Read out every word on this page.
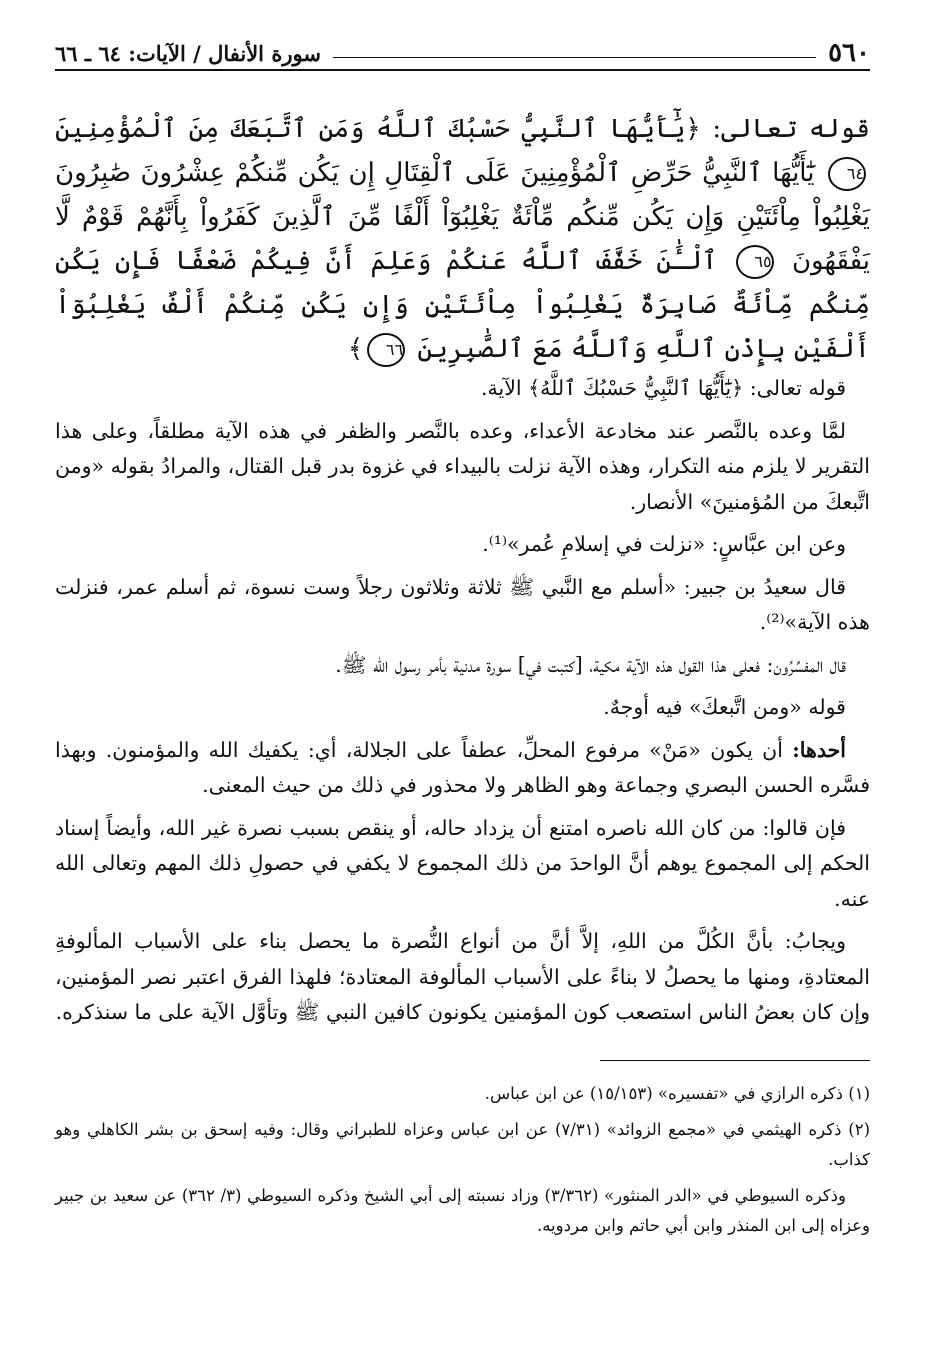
٥٦٠
سورة الأنفال / الآيات: ٦٤ ـ ٦٦
قوله تعالى: ﴿يَٰٓأَيُّهَا ٱلنَّبِيُّ حَسْبُكَ ٱللَّهُ وَمَنِ ٱتَّبَعَكَ مِنَ ٱلْمُؤْمِنِينَ ٦٤ يَٰٓأَيُّهَا ٱلنَّبِيُّ حَرِّضِ ٱلْمُؤْمِنِينَ عَلَى ٱلْقِتَالِ إِن يَكُن مِّنكُمْ عِشْرُونَ صَٰبِرُونَ يَغْلِبُواْ مِاْئَتَيْنِ وَإِن يَكُن مِّنكُم مِّاْئَةٌ يَغْلِبُوٓاْ أَلْفًا مِّنَ ٱلَّذِينَ كَفَرُواْ بِأَنَّهُمْ قَوْمٌ لَّا يَفْقَهُونَ ٦٥ ٱلْـَٰٔنَ خَفَّفَ ٱللَّهُ عَنكُمْ وَعَلِمَ أَنَّ فِيكُمْ ضَعْفًا فَإِن يَكُن مِّنكُم مِّاْئَةٌ صَابِرَةٌ يَغْلِبُواْ مِاْئَتَيْنِ وَإِن يَكُن مِّنكُمْ أَلْفٌ يَغْلِبُوٓاْ أَلْفَيْنِ بِإِذْنِ ٱللَّهِ وَٱللَّهُ مَعَ ٱلصَّٰبِرِينَ ٦٦﴾

قوله تعالى: ﴿يَٰٓأَيُّهَا ٱلنَّبِيُّ حَسْبُكَ ٱللَّهُ﴾ الآية.

لمَّا وعده بالنَّصر عند مخادعة الأعداء، وعده بالنَّصر والظفر في هذه الآية مطلقاً، وعلى هذا التقرير لا يلزم منه التكرار، وهذه الآية نزلت بالبيداء في غزوة بدر قبل القتال، والمرادُ بقوله «ومن اتَّبعكَ من المُؤمنينَ» الأنصار.

وعن ابن عبَّاسٍ: «نزلت في إسلامِ عُمر»⁽¹⁾.

قال سعيدُ بن جبير: «أسلم مع النَّبي ﷺ ثلاثة وثلاثون رجلاً وست نسوة، ثم أسلم عمر، فنزلت هذه الآية»⁽²⁾.

قال المفسِّرُون: فعلى هذا القول هذه الآية مكية، [كتبت في] سورة مدنية بأمر رسول الله ﷺ.

قوله «ومن اتَّبعكَ» فيه أوجهٌ.

أحدها: أن يكون «مَنْ» مرفوع المحلِّ، عطفاً على الجلالة، أي: يكفيك الله والمؤمنون. وبهذا فسَّره الحسن البصري وجماعة وهو الظاهر ولا محذور في ذلك من حيث المعنى.

فإن قالوا: من كان الله ناصره امتنع أن يزداد حاله، أو ينقص بسبب نصرة غير الله، وأيضاً إسناد الحكم إلى المجموع يوهم أنَّ الواحدَ من ذلك المجموع لا يكفي في حصولِ ذلك المهم وتعالى الله عنه.

ويجابُ: بأنَّ الكُلَّ من اللهِ، إلاَّ أنَّ من أنواع النُّصرة ما يحصل بناء على الأسباب المألوفةِ المعتادةِ، ومنها ما يحصلُ لا بناءً على الأسباب المألوفة المعتادة؛ فلهذا الفرق اعتبر نصر المؤمنين، وإن كان بعضُ الناس استصعب كون المؤمنين يكونون كافين النبي ﷺ وتأوَّل الآية على ما سنذكره.

(١) ذكره الرازي في «تفسيره» (١٥/١٥٣) عن ابن عباس.

(٢) ذكره الهيثمي في «مجمع الزوائد» (٧/٣١) عن ابن عباس وعزاه للطبراني وقال: وفيه إسحق بن بشر الكاهلي وهو كذاب.

وذكره السيوطي في «الدر المنثور» (٣/٣٦٢) وزاد نسبته إلى أبي الشيخ وذكره السيوطي (٣/ ٣٦٢) عن سعيد بن جبير وعزاه إلى ابن المنذر وابن أبي حاتم وابن مردويه.
